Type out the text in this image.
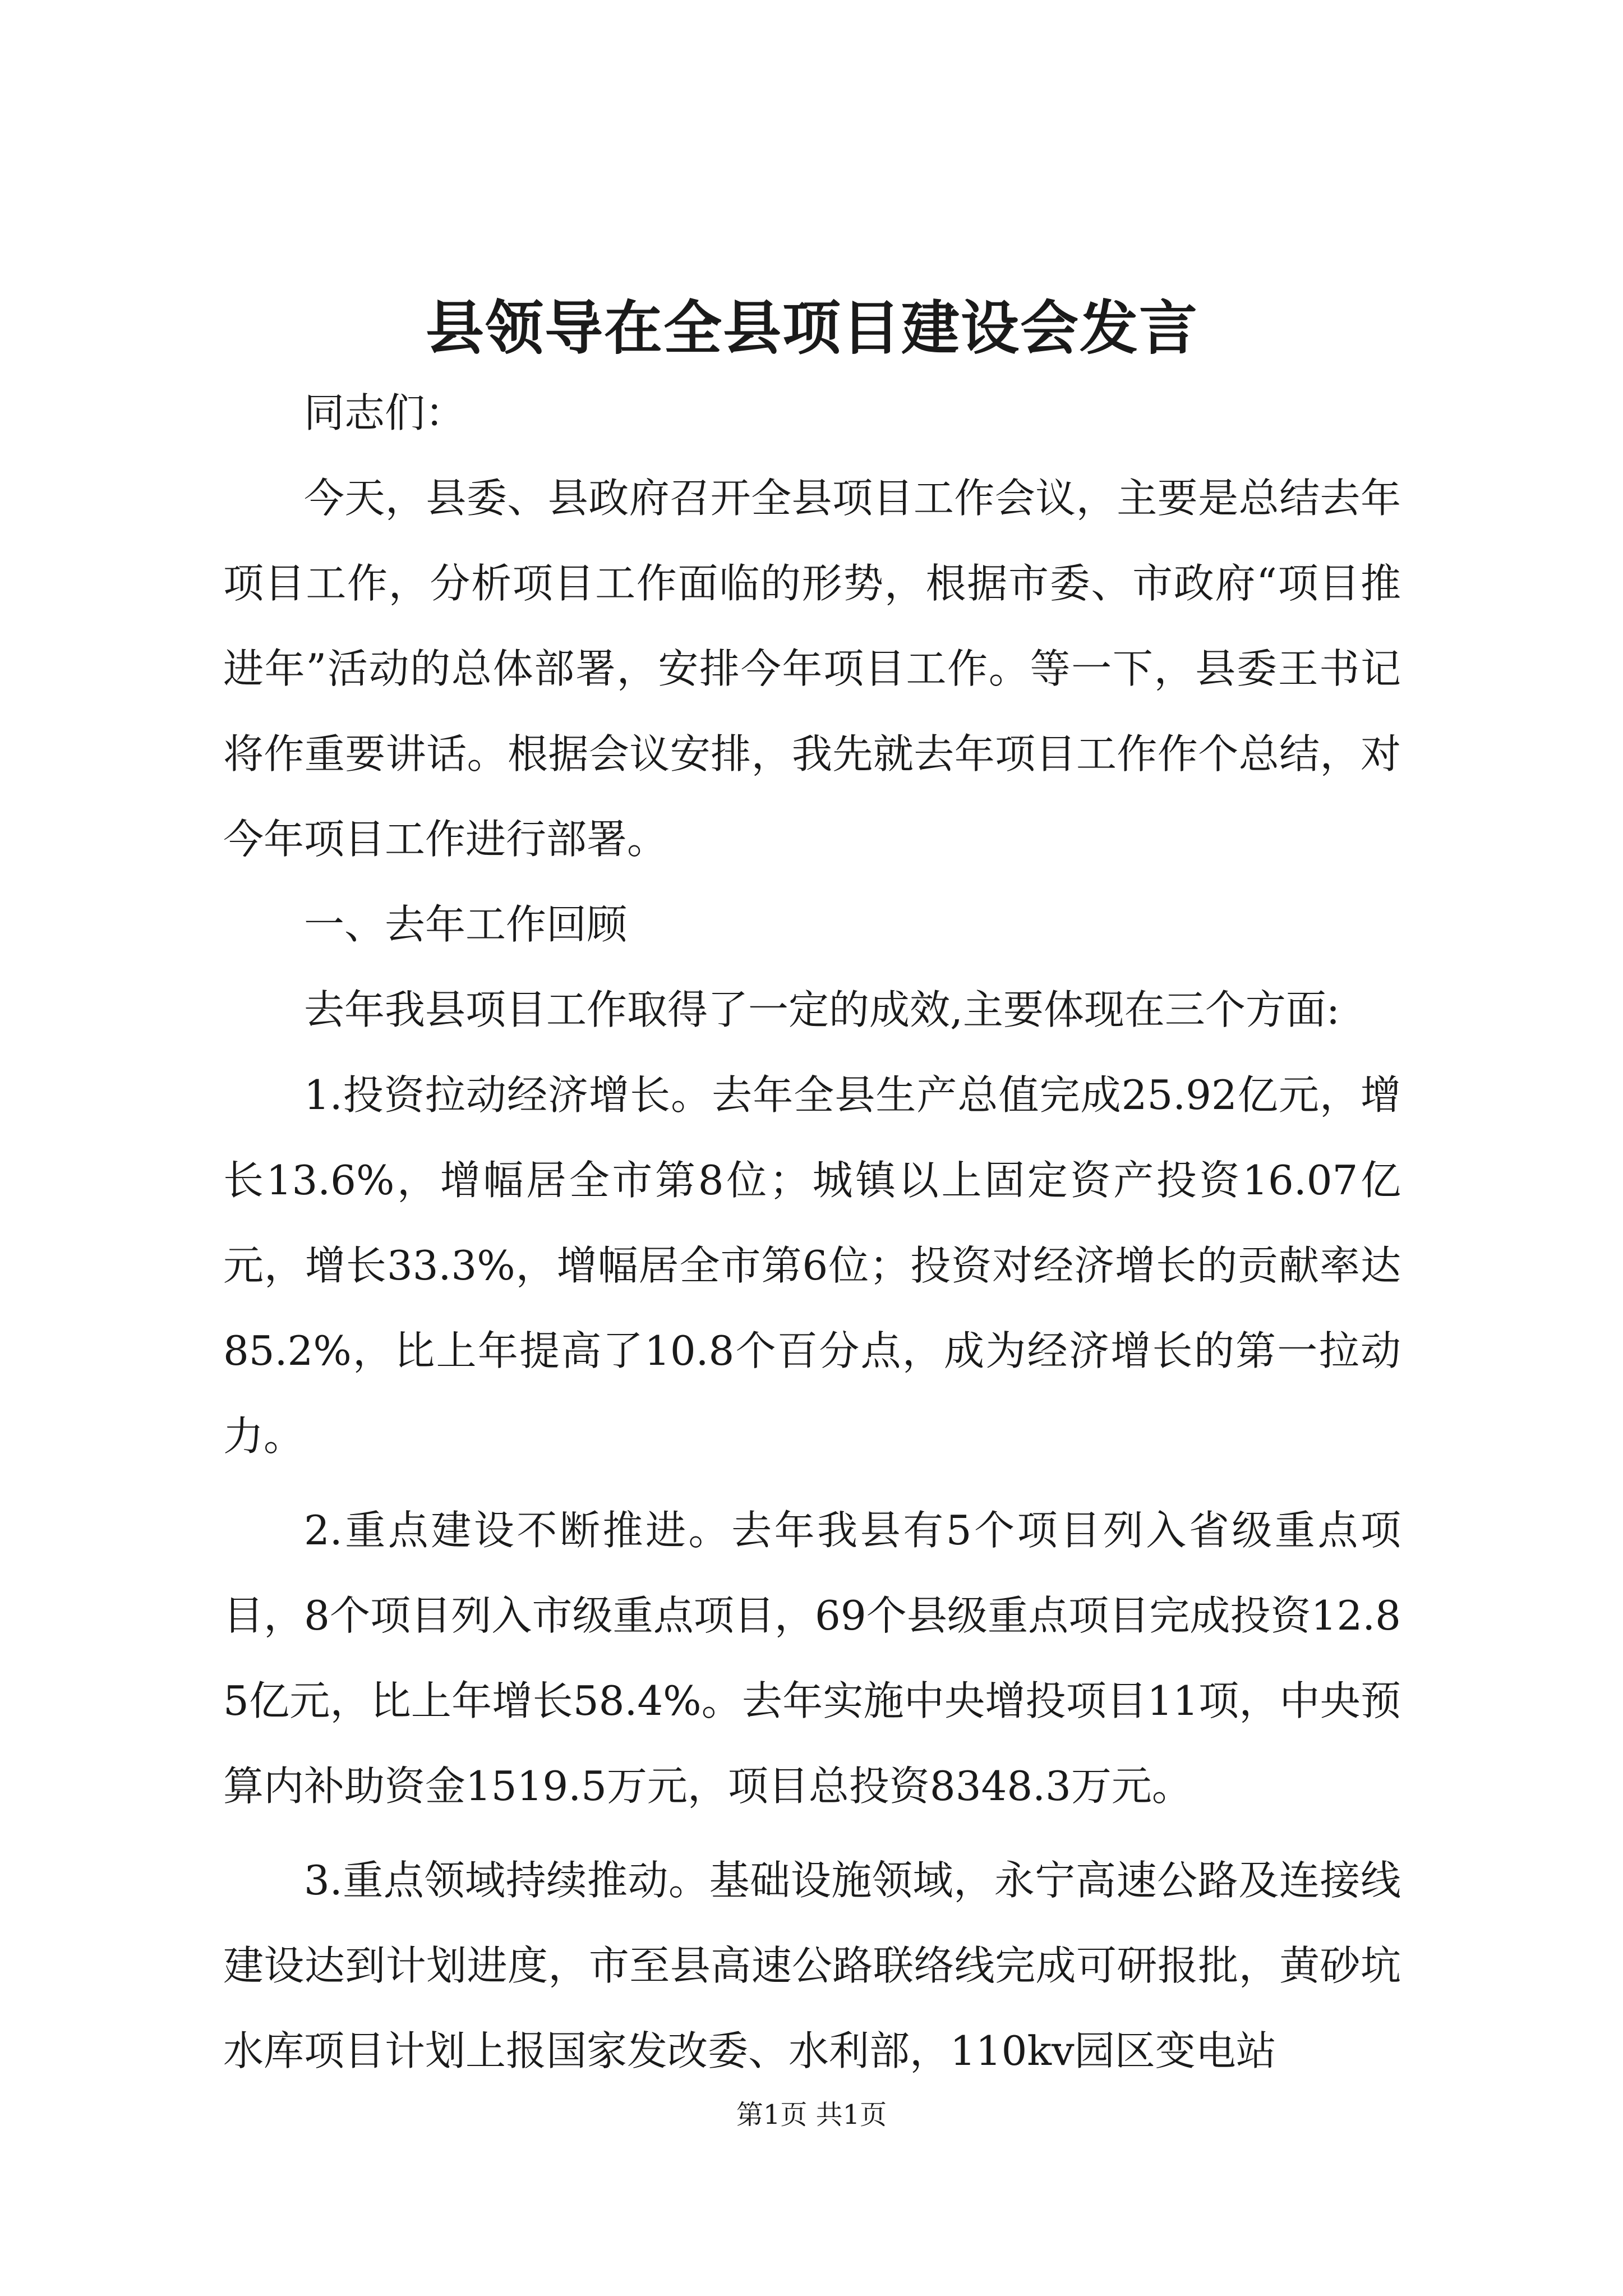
县领导在全县项目建设会发言

同志们：

今天，县委、县政府召开全县项目工作会议，主要是总结去年项目工作，分析项目工作面临的形势，根据市委、市政府“项目推进年”活动的总体部署，安排今年项目工作。等一下，县委王书记将作重要讲话。根据会议安排，我先就去年项目工作作个总结，对今年项目工作进行部署。

一、去年工作回顾

去年我县项目工作取得了一定的成效,主要体现在三个方面:

1.投资拉动经济增长。去年全县生产总值完成25.92亿元，增长13.6%，增幅居全市第8位；城镇以上固定资产投资16.07亿元，增长33.3%，增幅居全市第6位；投资对经济增长的贡献率达85.2%，比上年提高了10.8个百分点，成为经济增长的第一拉动力。

2.重点建设不断推进。去年我县有5个项目列入省级重点项目，8个项目列入市级重点项目，69个县级重点项目完成投资12.85亿元，比上年增长58.4%。去年实施中央增投项目11项，中央预算内补助资金1519.5万元，项目总投资8348.3万元。

3.重点领域持续推动。基础设施领域，永宁高速公路及连接线建设达到计划进度，市至县高速公路联络线完成可研报批，黄砂坑水库项目计划上报国家发改委、水利部，110kv园区变电站

第1页 共1页
